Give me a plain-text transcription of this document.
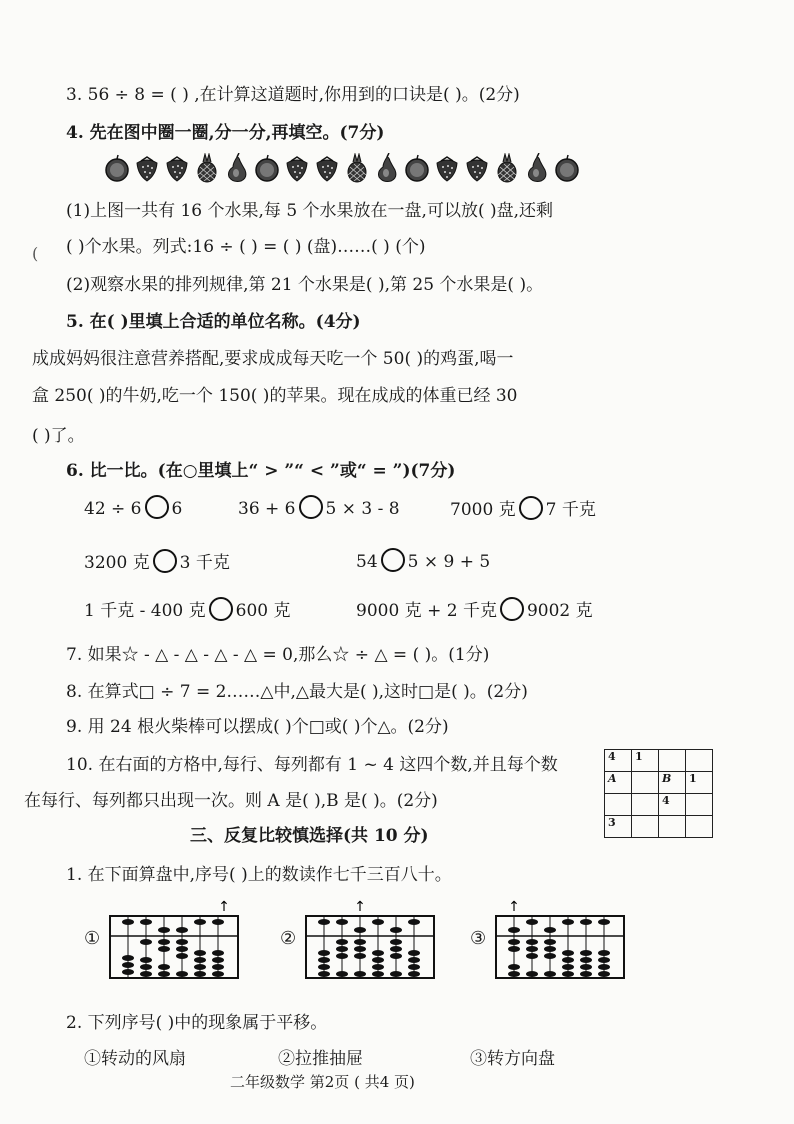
3. 56 ÷ 8 = ( ) ,在计算这道题时,你用到的口诀是( )。(2分)
4. 先在图中圈一圈,分一分,再填空。(7分)
(1)上图一共有 16 个水果,每 5 个水果放在一盘,可以放( )盘,还剩
( ( )个水果。列式:16 ÷ ( ) = ( ) (盘)……( ) (个)
(2)观察水果的排列规律,第 21 个水果是( ),第 25 个水果是( )。
5. 在( )里填上合适的单位名称。(4分)
成成妈妈很注意营养搭配,要求成成每天吃一个 50( )的鸡蛋,喝一
盒 250( )的牛奶,吃一个 150( )的苹果。现在成成的体重已经 30
( )了。
6. 比一比。(在○里填上“ > ”“ < ”或“ = ”)(7分)
42 ÷ 6 6	36 + 6 5 × 3 - 8	7000 克 7 千克
3200 克 3 千克	54 5 × 9 + 5
1 千克 - 400 克 600 克	9000 克 + 2 千克 9002 克
7. 如果☆ - △ - △ - △ - △ = 0,那么☆ ÷ △ = ( )。(1分)
8. 在算式□ ÷ 7 = 2……△中,△最大是( ),这时□是( )。(2分)
9. 用 24 根火柴棒可以摆成( )个□或( )个△。(2分)
10. 在右面的方格中,每行、每列都有 1 ~ 4 这四个数,并且每个数
在每行、每列都只出现一次。则 A 是( ),B 是( )。(2分)
4	1		
A		B	1
		4	
3			
三、反复比较慎选择(共 10 分)
1. 在下面算盘中,序号( )上的数读作七千三百八十。
①
↑
②
↑
③
↑
2. 下列序号( )中的现象属于平移。
①转动的风扇	②拉推抽屉	③转方向盘
二年级数学 第2页 ( 共4 页)
